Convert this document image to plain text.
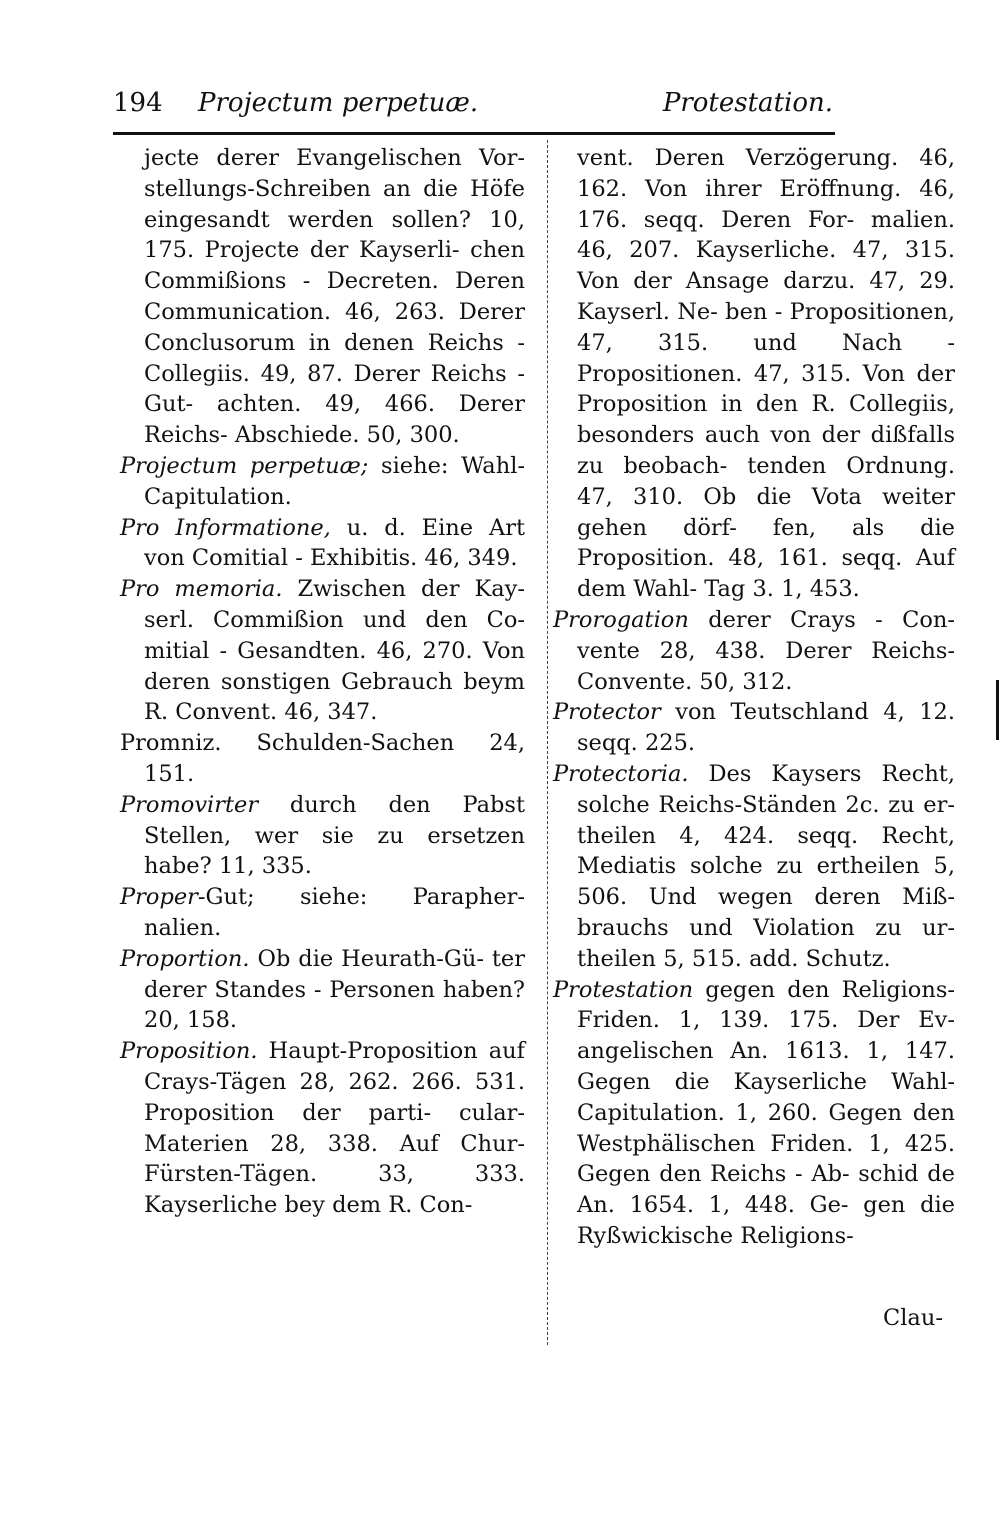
194 Projectum perpetuæ.	Protestation.

jecte derer Evangelischen Vor- stellungs-Schreiben an die Höfe eingesandt werden sollen? 10, 175. Projecte der Kayserli- chen Commißions - Decreten. Deren Communication. 46, 263. Derer Conclusorum in denen Reichs - Collegiis. 49, 87. Derer Reichs - Gut- achten. 49, 466. Derer Reichs- Abschiede. 50, 300.

Projectum perpetuæ; siehe: Wahl- Capitulation.

Pro Informatione, u. d. Eine Art von Comitial - Exhibitis. 46, 349.

Pro memoria. Zwischen der Kay- serl. Commißion und den Co- mitial - Gesandten. 46, 270. Von deren sonstigen Gebrauch beym R. Convent. 46, 347.

Promniz. Schulden-Sachen 24, 151.

Promovirter durch den Pabst Stellen, wer sie zu ersetzen habe? 11, 335.

Proper-Gut; siehe: Parapher- nalien.

Proportion. Ob die Heurath-Gü- ter derer Standes - Personen haben? 20, 158.

Proposition. Haupt-Proposition auf Crays-Tägen 28, 262. 266. 531. Proposition der parti- cular-Materien 28, 338. Auf Chur-Fürsten-Tägen. 33, 333. Kayserliche bey dem R. Con-

vent. Deren Verzögerung. 46, 162. Von ihrer Eröffnung. 46, 176. seqq. Deren For- malien. 46, 207. Kayserliche. 47, 315. Von der Ansage darzu. 47, 29. Kayserl. Ne- ben - Propositionen, 47, 315. und Nach - Propositionen. 47, 315. Von der Proposition in den R. Collegiis, besonders auch von der dißfalls zu beobach- tenden Ordnung. 47, 310. Ob die Vota weiter gehen dörf- fen, als die Proposition. 48, 161. seqq. Auf dem Wahl- Tag 3. 1, 453.

Prorogation derer Crays - Con- vente 28, 438. Derer Reichs- Convente. 50, 312.

Protector von Teutschland 4, 12. seqq. 225.

Protectoria. Des Kaysers Recht, solche Reichs-Ständen 2c. zu er- theilen 4, 424. seqq. Recht, Mediatis solche zu ertheilen 5, 506. Und wegen deren Miß- brauchs und Violation zu ur- theilen 5, 515. add. Schutz.

Protestation gegen den Religions- Friden. 1, 139. 175. Der Ev- angelischen An. 1613. 1, 147. Gegen die Kayserliche Wahl- Capitulation. 1, 260. Gegen den Westphälischen Friden. 1, 425. Gegen den Reichs - Ab- schid de An. 1654. 1, 448. Ge- gen die Ryßwickische Religions-

Clau-
